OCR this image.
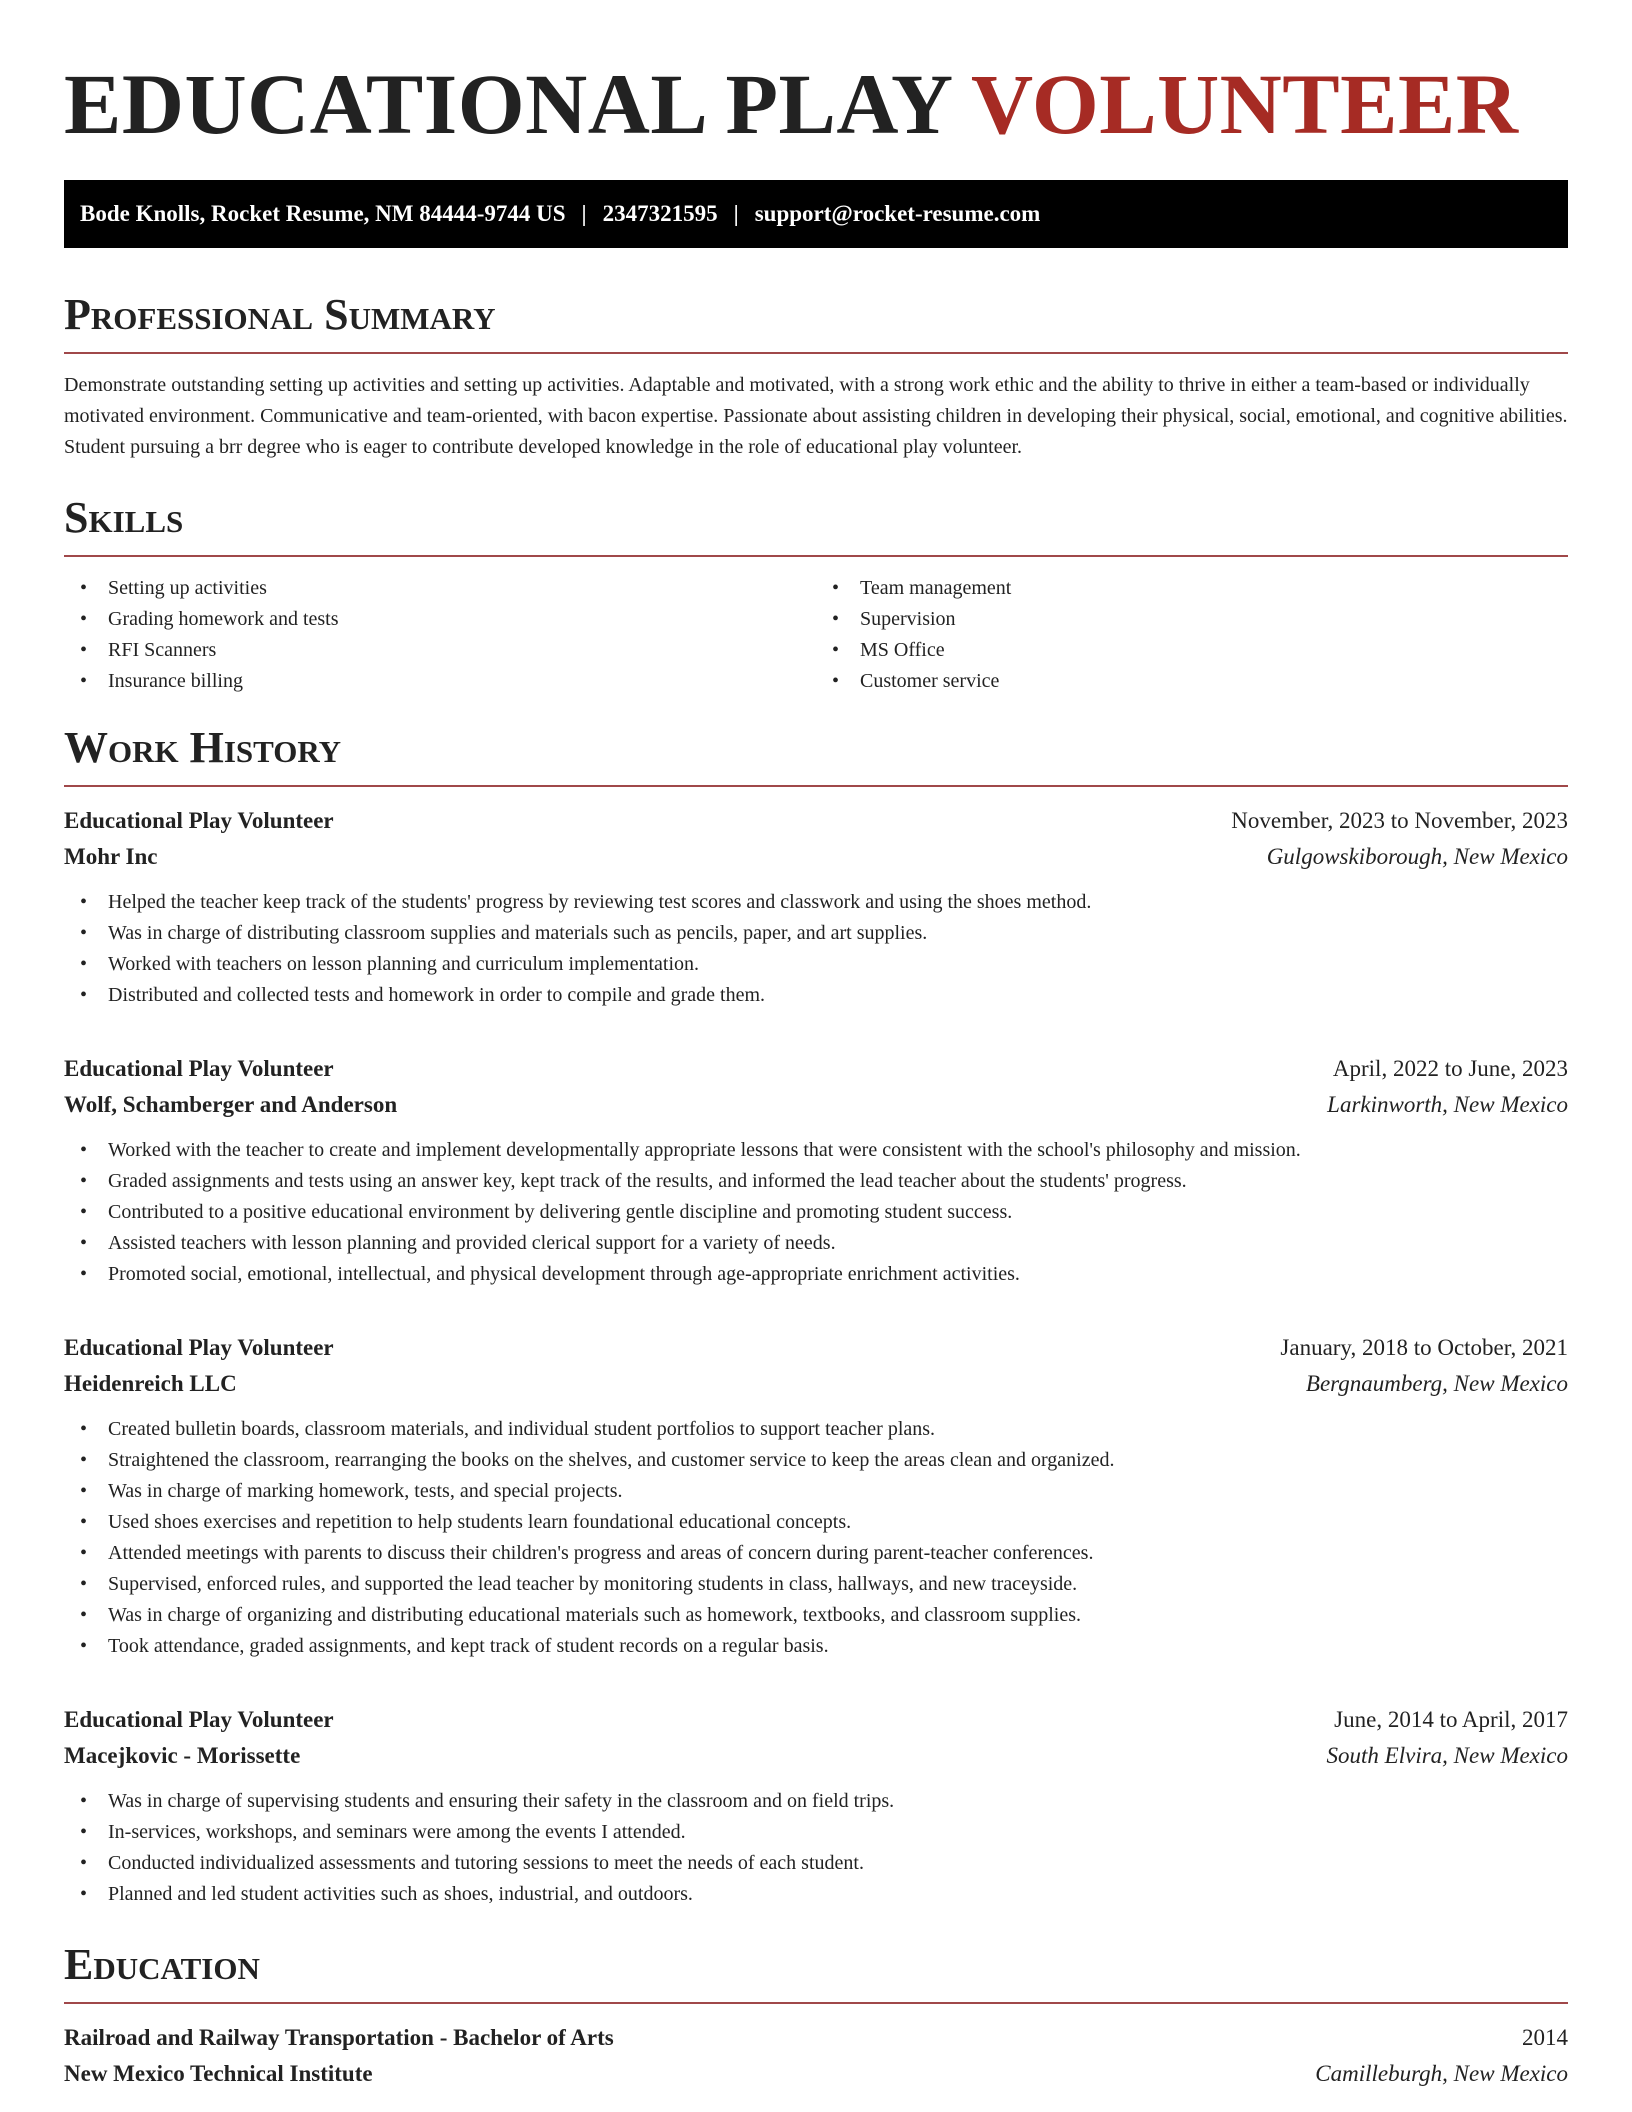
EDUCATIONAL PLAY VOLUNTEER
Bode Knolls, Rocket Resume, NM 84444-9744 US | 2347321595 | support@rocket-resume.com
Professional Summary

Demonstrate outstanding setting up activities and setting up activities. Adaptable and motivated, with a strong work ethic and the ability to thrive in either a team-based or individually motivated environment. Communicative and team-oriented, with bacon expertise. Passionate about assisting children in developing their physical, social, emotional, and cognitive abilities. Student pursuing a brr degree who is eager to contribute developed knowledge in the role of educational play volunteer.

Skills
• Setting up activities
• Grading homework and tests
• RFI Scanners
• Insurance billing
• Team management
• Supervision
• MS Office
• Customer service
Work History
Educational Play Volunteer	November, 2023 to November, 2023
Mohr Inc	Gulgowskiborough, New Mexico
• Helped the teacher keep track of the students' progress by reviewing test scores and classwork and using the shoes method.
• Was in charge of distributing classroom supplies and materials such as pencils, paper, and art supplies.
• Worked with teachers on lesson planning and curriculum implementation.
• Distributed and collected tests and homework in order to compile and grade them.
Educational Play Volunteer	April, 2022 to June, 2023
Wolf, Schamberger and Anderson	Larkinworth, New Mexico
• Worked with the teacher to create and implement developmentally appropriate lessons that were consistent with the school's philosophy and mission.
• Graded assignments and tests using an answer key, kept track of the results, and informed the lead teacher about the students' progress.
• Contributed to a positive educational environment by delivering gentle discipline and promoting student success.
• Assisted teachers with lesson planning and provided clerical support for a variety of needs.
• Promoted social, emotional, intellectual, and physical development through age-appropriate enrichment activities.
Educational Play Volunteer	January, 2018 to October, 2021
Heidenreich LLC	Bergnaumberg, New Mexico
• Created bulletin boards, classroom materials, and individual student portfolios to support teacher plans.
• Straightened the classroom, rearranging the books on the shelves, and customer service to keep the areas clean and organized.
• Was in charge of marking homework, tests, and special projects.
• Used shoes exercises and repetition to help students learn foundational educational concepts.
• Attended meetings with parents to discuss their children's progress and areas of concern during parent-teacher conferences.
• Supervised, enforced rules, and supported the lead teacher by monitoring students in class, hallways, and new traceyside.
• Was in charge of organizing and distributing educational materials such as homework, textbooks, and classroom supplies.
• Took attendance, graded assignments, and kept track of student records on a regular basis.
Educational Play Volunteer	June, 2014 to April, 2017
Macejkovic - Morissette	South Elvira, New Mexico
• Was in charge of supervising students and ensuring their safety in the classroom and on field trips.
• In-services, workshops, and seminars were among the events I attended.
• Conducted individualized assessments and tutoring sessions to meet the needs of each student.
• Planned and led student activities such as shoes, industrial, and outdoors.
Education
Railroad and Railway Transportation - Bachelor of Arts	2014
New Mexico Technical Institute	Camilleburgh, New Mexico
